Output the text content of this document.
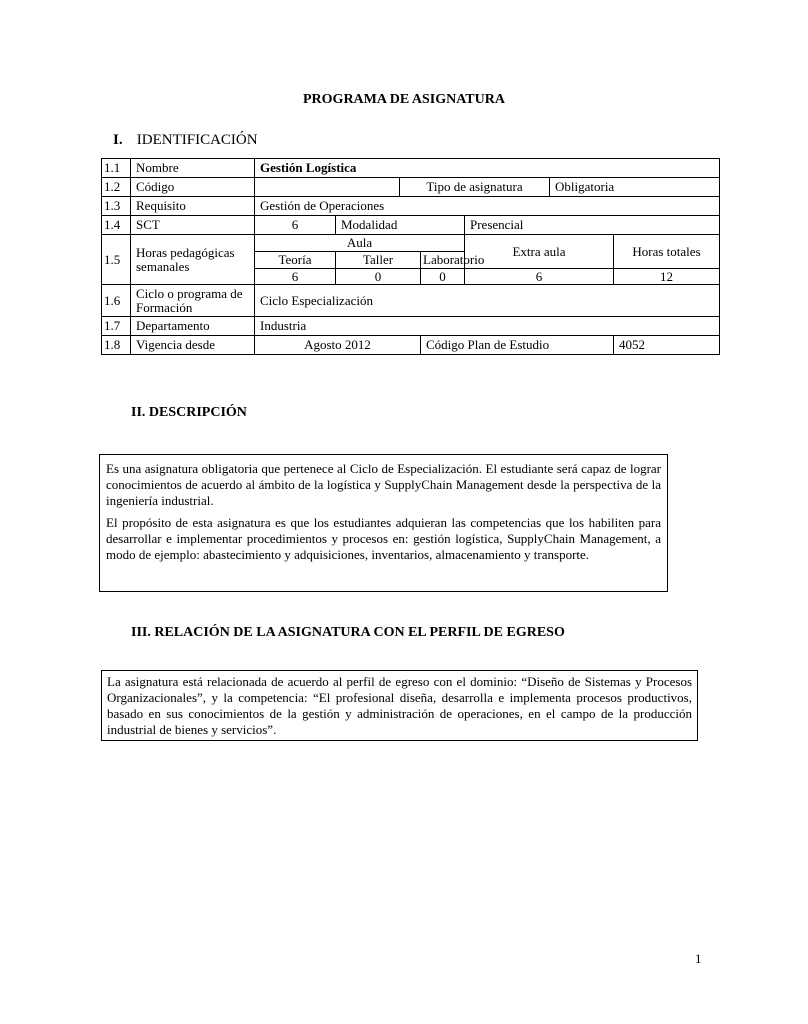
PROGRAMA DE ASIGNATURA
I. IDENTIFICACIÓN
1.1	Nombre	Gestión Logística						
1.2	Código			Tipo de asignatura			Obligatoria	
1.3	Requisito	Gestión de Operaciones						
1.4	SCT	6	Modalidad			Presencial		
1.5	Horas pedagógicas semanales	Aula				Extra aula		Horas totales
		Teoría	Taller		Laboratorio			
		6	0		0	6		12
1.6	Ciclo o programa de Formación	Ciclo Especialización						
1.7	Departamento	Industria						
1.8	Vigencia desde	Agosto 2012			Código Plan de Estudio			4052
II. DESCRIPCIÓN

Es una asignatura obligatoria que pertenece al Ciclo de Especialización. El estudiante será capaz de lograr conocimientos de acuerdo al ámbito de la logística y SupplyChain Management desde la perspectiva de la ingeniería industrial.

El propósito de esta asignatura es que los estudiantes adquieran las competencias que los habiliten para desarrollar e implementar procedimientos y procesos en: gestión logística, SupplyChain Management, a modo de ejemplo: abastecimiento y adquisiciones, inventarios, almacenamiento y transporte.

III. RELACIÓN DE LA ASIGNATURA CON EL PERFIL DE EGRESO

La asignatura está relacionada de acuerdo al perfil de egreso con el dominio: “Diseño de Sistemas y Procesos Organizacionales”, y la competencia: “El profesional diseña, desarrolla e implementa procesos productivos, basado en sus conocimientos de la gestión y administración de operaciones, en el campo de la producción industrial de bienes y servicios”.

1
